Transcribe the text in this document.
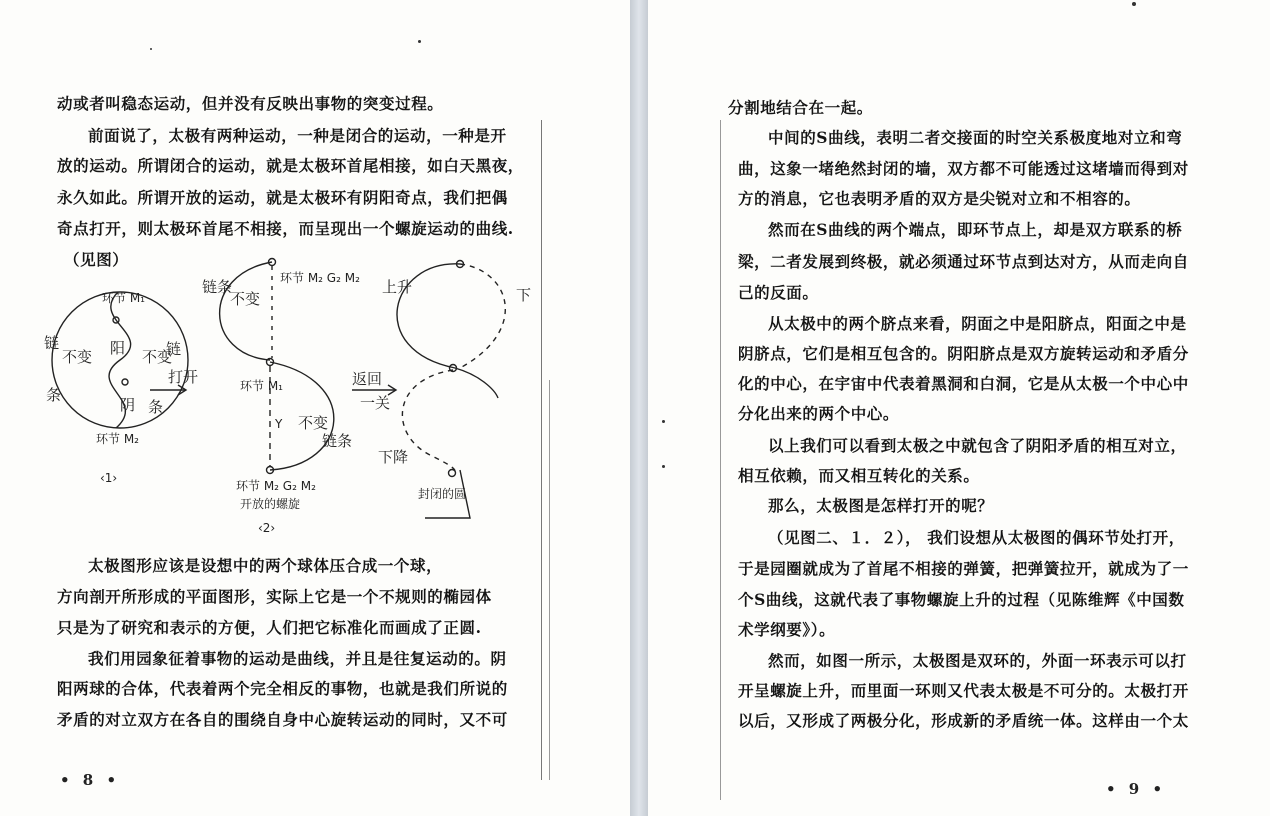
动或者叫稳态运动，但并没有反映出事物的突变过程。
前面说了，太极有两种运动，一种是闭合的运动，一种是开
放的运动。所谓闭合的运动，就是太极环首尾相接，如白天黑夜，
永久如此。所谓开放的运动，就是太极环有阴阳奇点，我们把偶
奇点打开，则太极环首尾不相接，而呈现出一个螺旋运动的曲线.
（见图）
环节 M₁
环节 M₂
阳
阴
链
不变
条
不变
链
条
打开
‹1›
链条
不变
环节 M₂ G₂ M₂
环节 M₁
Y 不变
链条
环节 M₂ G₂ M₂
开放的螺旋
‹2›
上升	下
返回
一关
下降
封闭的圆
太极图形应该是设想中的两个球体压合成一个球，
方向剖开所形成的平面图形，实际上它是一个不规则的椭园体
只是为了研究和表示的方便，人们把它标准化而画成了正圆.
我们用园象征着事物的运动是曲线，并且是往复运动的。阴
阳两球的合体，代表着两个完全相反的事物，也就是我们所说的
矛盾的对立双方在各自的围绕自身中心旋转运动的同时，又不可
• 8 •
分割地结合在一起。
中间的S曲线，表明二者交接面的时空关系极度地对立和弯
曲，这象一堵绝然封闭的墙，双方都不可能透过这堵墙而得到对
方的消息，它也表明矛盾的双方是尖锐对立和不相容的。
然而在S曲线的两个端点，即环节点上，却是双方联系的桥
梁，二者发展到终极，就必须通过环节点到达对方，从而走向自
己的反面。
从太极中的两个脐点来看，阴面之中是阳脐点，阳面之中是
阴脐点，它们是相互包含的。阴阳脐点是双方旋转运动和矛盾分
化的中心，在宇宙中代表着黑洞和白洞，它是从太极一个中心中
分化出来的两个中心。
以上我们可以看到太极之中就包含了阴阳矛盾的相互对立，
相互依赖，而又相互转化的关系。
那么，太极图是怎样打开的呢？
（见图二、１．２）， 我们设想从太极图的偶环节处打开，
于是园圈就成为了首尾不相接的弹簧，把弹簧拉开，就成为了一
个S曲线，这就代表了事物螺旋上升的过程（见陈维辉《中国数
术学纲要》）。
然而，如图一所示，太极图是双环的，外面一环表示可以打
开呈螺旋上升，而里面一环则又代表太极是不可分的。太极打开
以后，又形成了两极分化，形成新的矛盾统一体。这样由一个太
• 9 •
